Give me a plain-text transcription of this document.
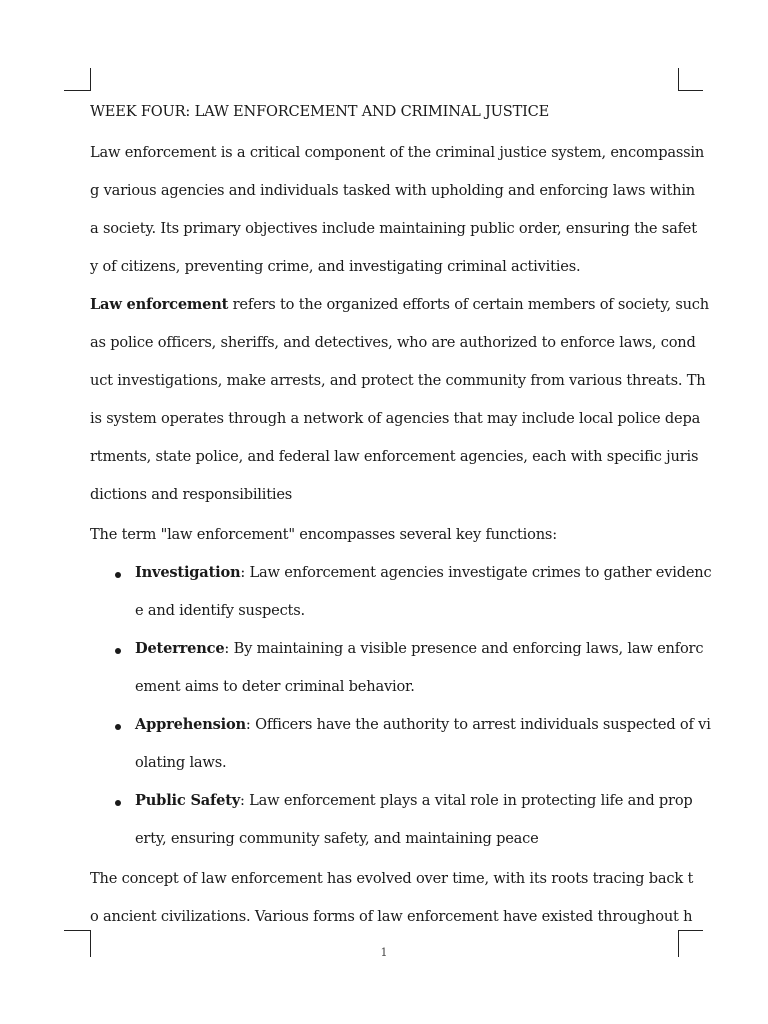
WEEK FOUR: LAW ENFORCEMENT AND CRIMINAL JUSTICE
Law enforcement is a critical component of the criminal justice system, encompassin
g various agencies and individuals tasked with upholding and enforcing laws within
a society. Its primary objectives include maintaining public order, ensuring the safet
y of citizens, preventing crime, and investigating criminal activities.
Law enforcement refers to the organized efforts of certain members of society, such
as police officers, sheriffs, and detectives, who are authorized to enforce laws, cond
uct investigations, make arrests, and protect the community from various threats. Th
is system operates through a network of agencies that may include local police depa
rtments, state police, and federal law enforcement agencies, each with specific juris
dictions and responsibilities
The term "law enforcement" encompasses several key functions:
Investigation: Law enforcement agencies investigate crimes to gather evidenc
e and identify suspects.
Deterrence: By maintaining a visible presence and enforcing laws, law enforc
ement aims to deter criminal behavior.
Apprehension: Officers have the authority to arrest individuals suspected of vi
olating laws.
Public Safety: Law enforcement plays a vital role in protecting life and prop
erty, ensuring community safety, and maintaining peace
The concept of law enforcement has evolved over time, with its roots tracing back t
o ancient civilizations. Various forms of law enforcement have existed throughout h
1
